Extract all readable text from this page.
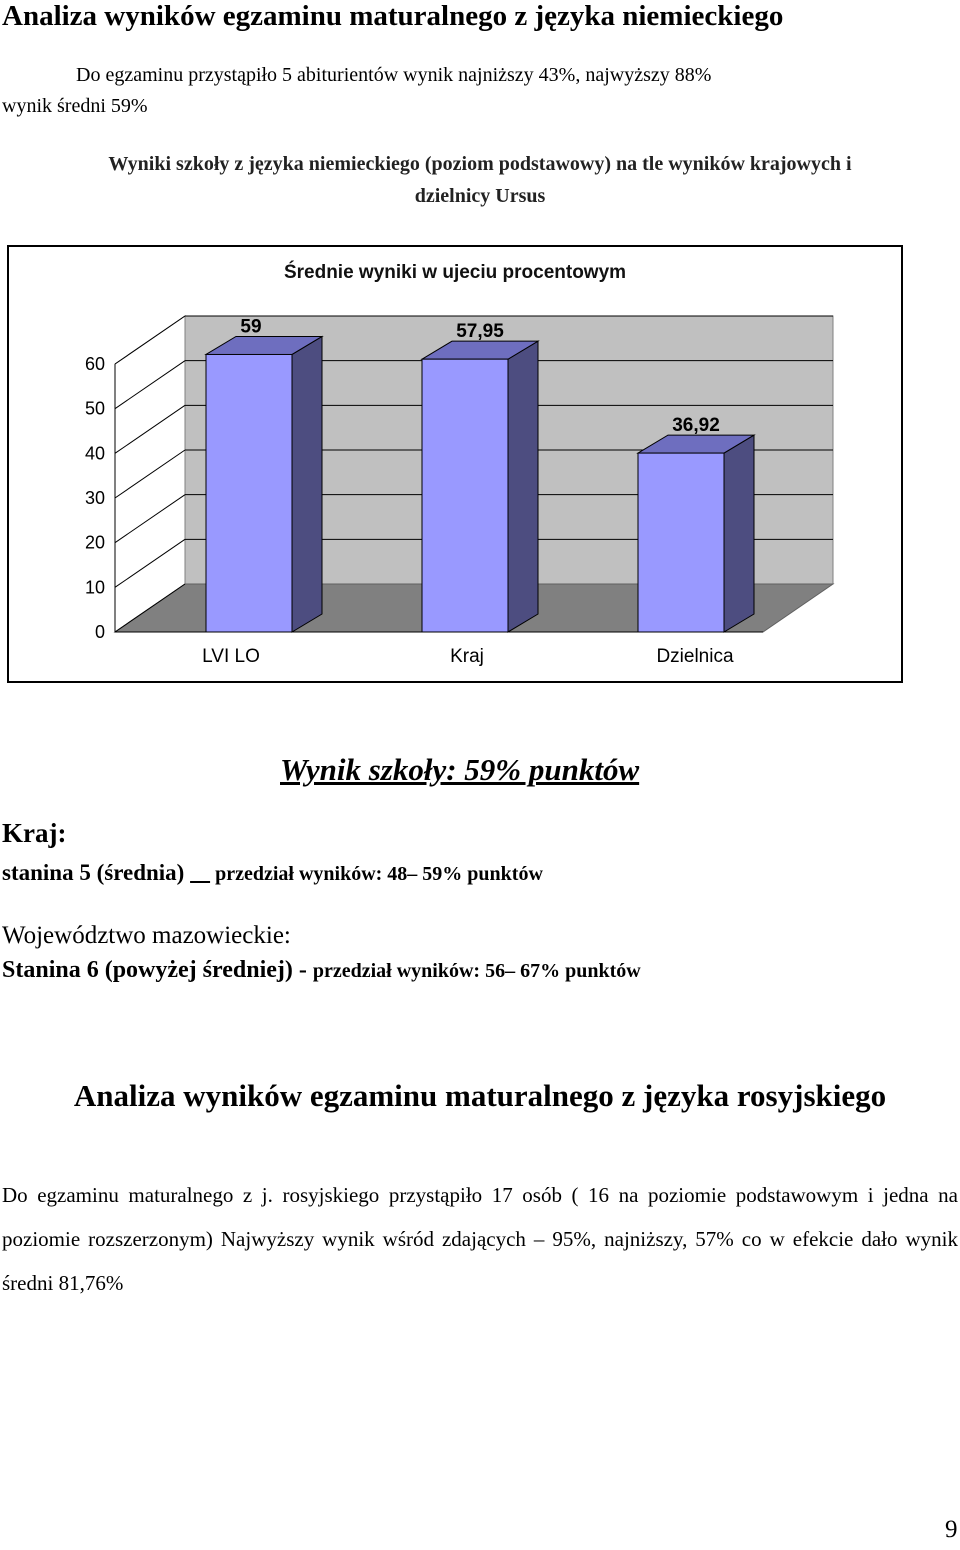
Analiza wyników egzaminu maturalnego z języka niemieckiego
Do egzaminu przystąpiło 5 abiturientów wynik najniższy 43%, najwyższy 88%
wynik średni 59%
Wyniki szkoły z języka niemieckiego (poziom podstawowy) na tle wyników krajowych i
dzielnicy Ursus
Średnie wyniki w ujeciu procentowym
0
10
20
30
40
50
60
59
LVI LO
57,95
Kraj
36,92
Dzielnica
Wynik szkoły: 59% punktów
Kraj:
stanina 5 (średnia) przedział wyników: 48– 59% punktów
Województwo mazowieckie:
Stanina 6 (powyżej średniej) - przedział wyników: 56– 67% punktów
Analiza wyników egzaminu maturalnego z języka rosyjskiego
Do egzaminu maturalnego z j. rosyjskiego przystąpiło 17 osób ( 16 na poziomie podstawowym i jedna na poziomie rozszerzonym) Najwyższy wynik wśród zdających – 95%, najniższy, 57% co w efekcie dało wynik średni 81,76%
9
